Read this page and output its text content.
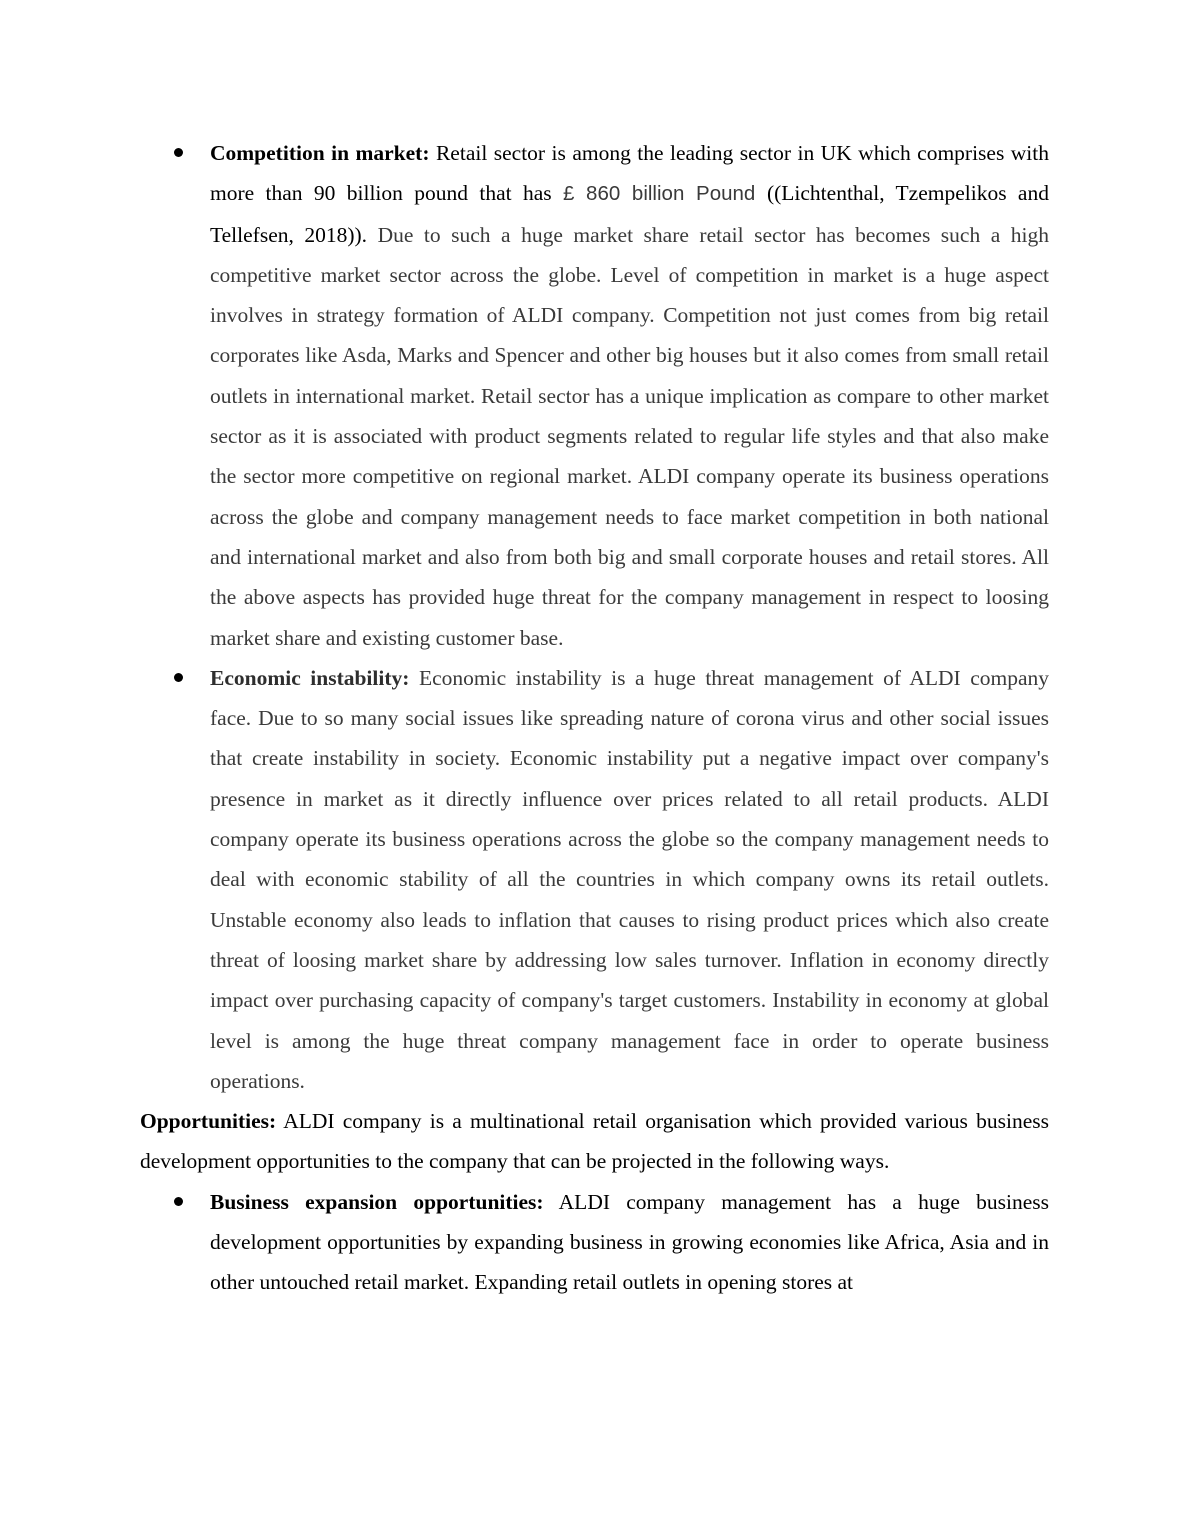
Competition in market: Retail sector is among the leading sector in UK which comprises with more than 90 billion pound that has £ 860 billion Pound ((Lichtenthal, Tzempelikos and Tellefsen, 2018)). Due to such a huge market share retail sector has becomes such a high competitive market sector across the globe. Level of competition in market is a huge aspect involves in strategy formation of ALDI company. Competition not just comes from big retail corporates like Asda, Marks and Spencer and other big houses but it also comes from small retail outlets in international market. Retail sector has a unique implication as compare to other market sector as it is associated with product segments related to regular life styles and that also make the sector more competitive on regional market. ALDI company operate its business operations across the globe and company management needs to face market competition in both national and international market and also from both big and small corporate houses and retail stores. All the above aspects has provided huge threat for the company management in respect to loosing market share and existing customer base.
Economic instability: Economic instability is a huge threat management of ALDI company face. Due to so many social issues like spreading nature of corona virus and other social issues that create instability in society. Economic instability put a negative impact over company's presence in market as it directly influence over prices related to all retail products. ALDI company operate its business operations across the globe so the company management needs to deal with economic stability of all the countries in which company owns its retail outlets. Unstable economy also leads to inflation that causes to rising product prices which also create threat of loosing market share by addressing low sales turnover. Inflation in economy directly impact over purchasing capacity of company's target customers. Instability in economy at global level is among the huge threat company management face in order to operate business operations.

Opportunities: ALDI company is a multinational retail organisation which provided various business development opportunities to the company that can be projected in the following ways.

Business expansion opportunities: ALDI company management has a huge business development opportunities by expanding business in growing economies like Africa, Asia and in other untouched retail market. Expanding retail outlets in opening stores at
